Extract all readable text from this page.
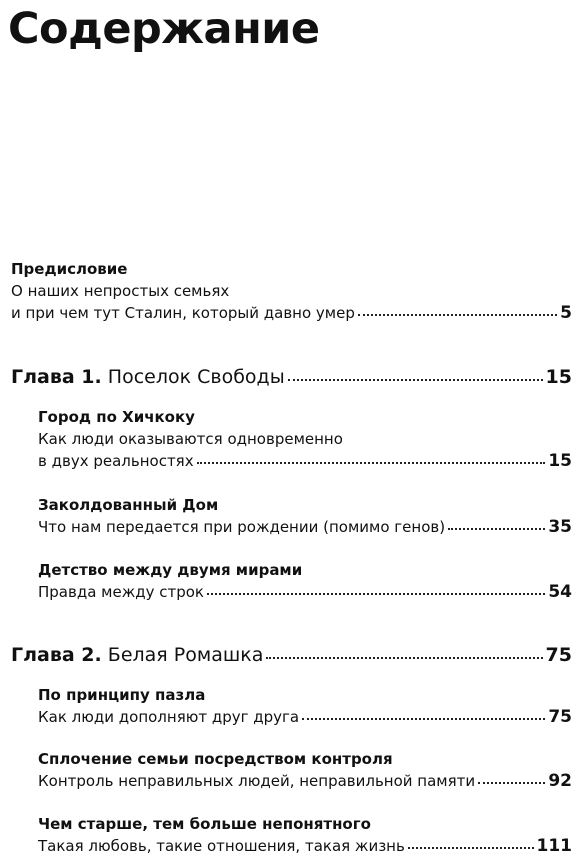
Содержание
Предисловие
О наших непростых семьях
и при чем тут Сталин, который давно умер	5
Глава 1. Поселок Свободы	15
Город по Хичкоку
Как люди оказываются одновременно
в двух реальностях	15
Заколдованный Дом
Что нам передается при рождении (помимо генов)	35
Детство между двумя мирами
Правда между строк	54
Глава 2. Белая Ромашка	75
По принципу пазла
Как люди дополняют друг друга	75
Сплочение семьи посредством контроля
Контроль неправильных людей, неправильной памяти	92
Чем старше, тем больше непонятного
Такая любовь, такие отношения, такая жизнь	111
